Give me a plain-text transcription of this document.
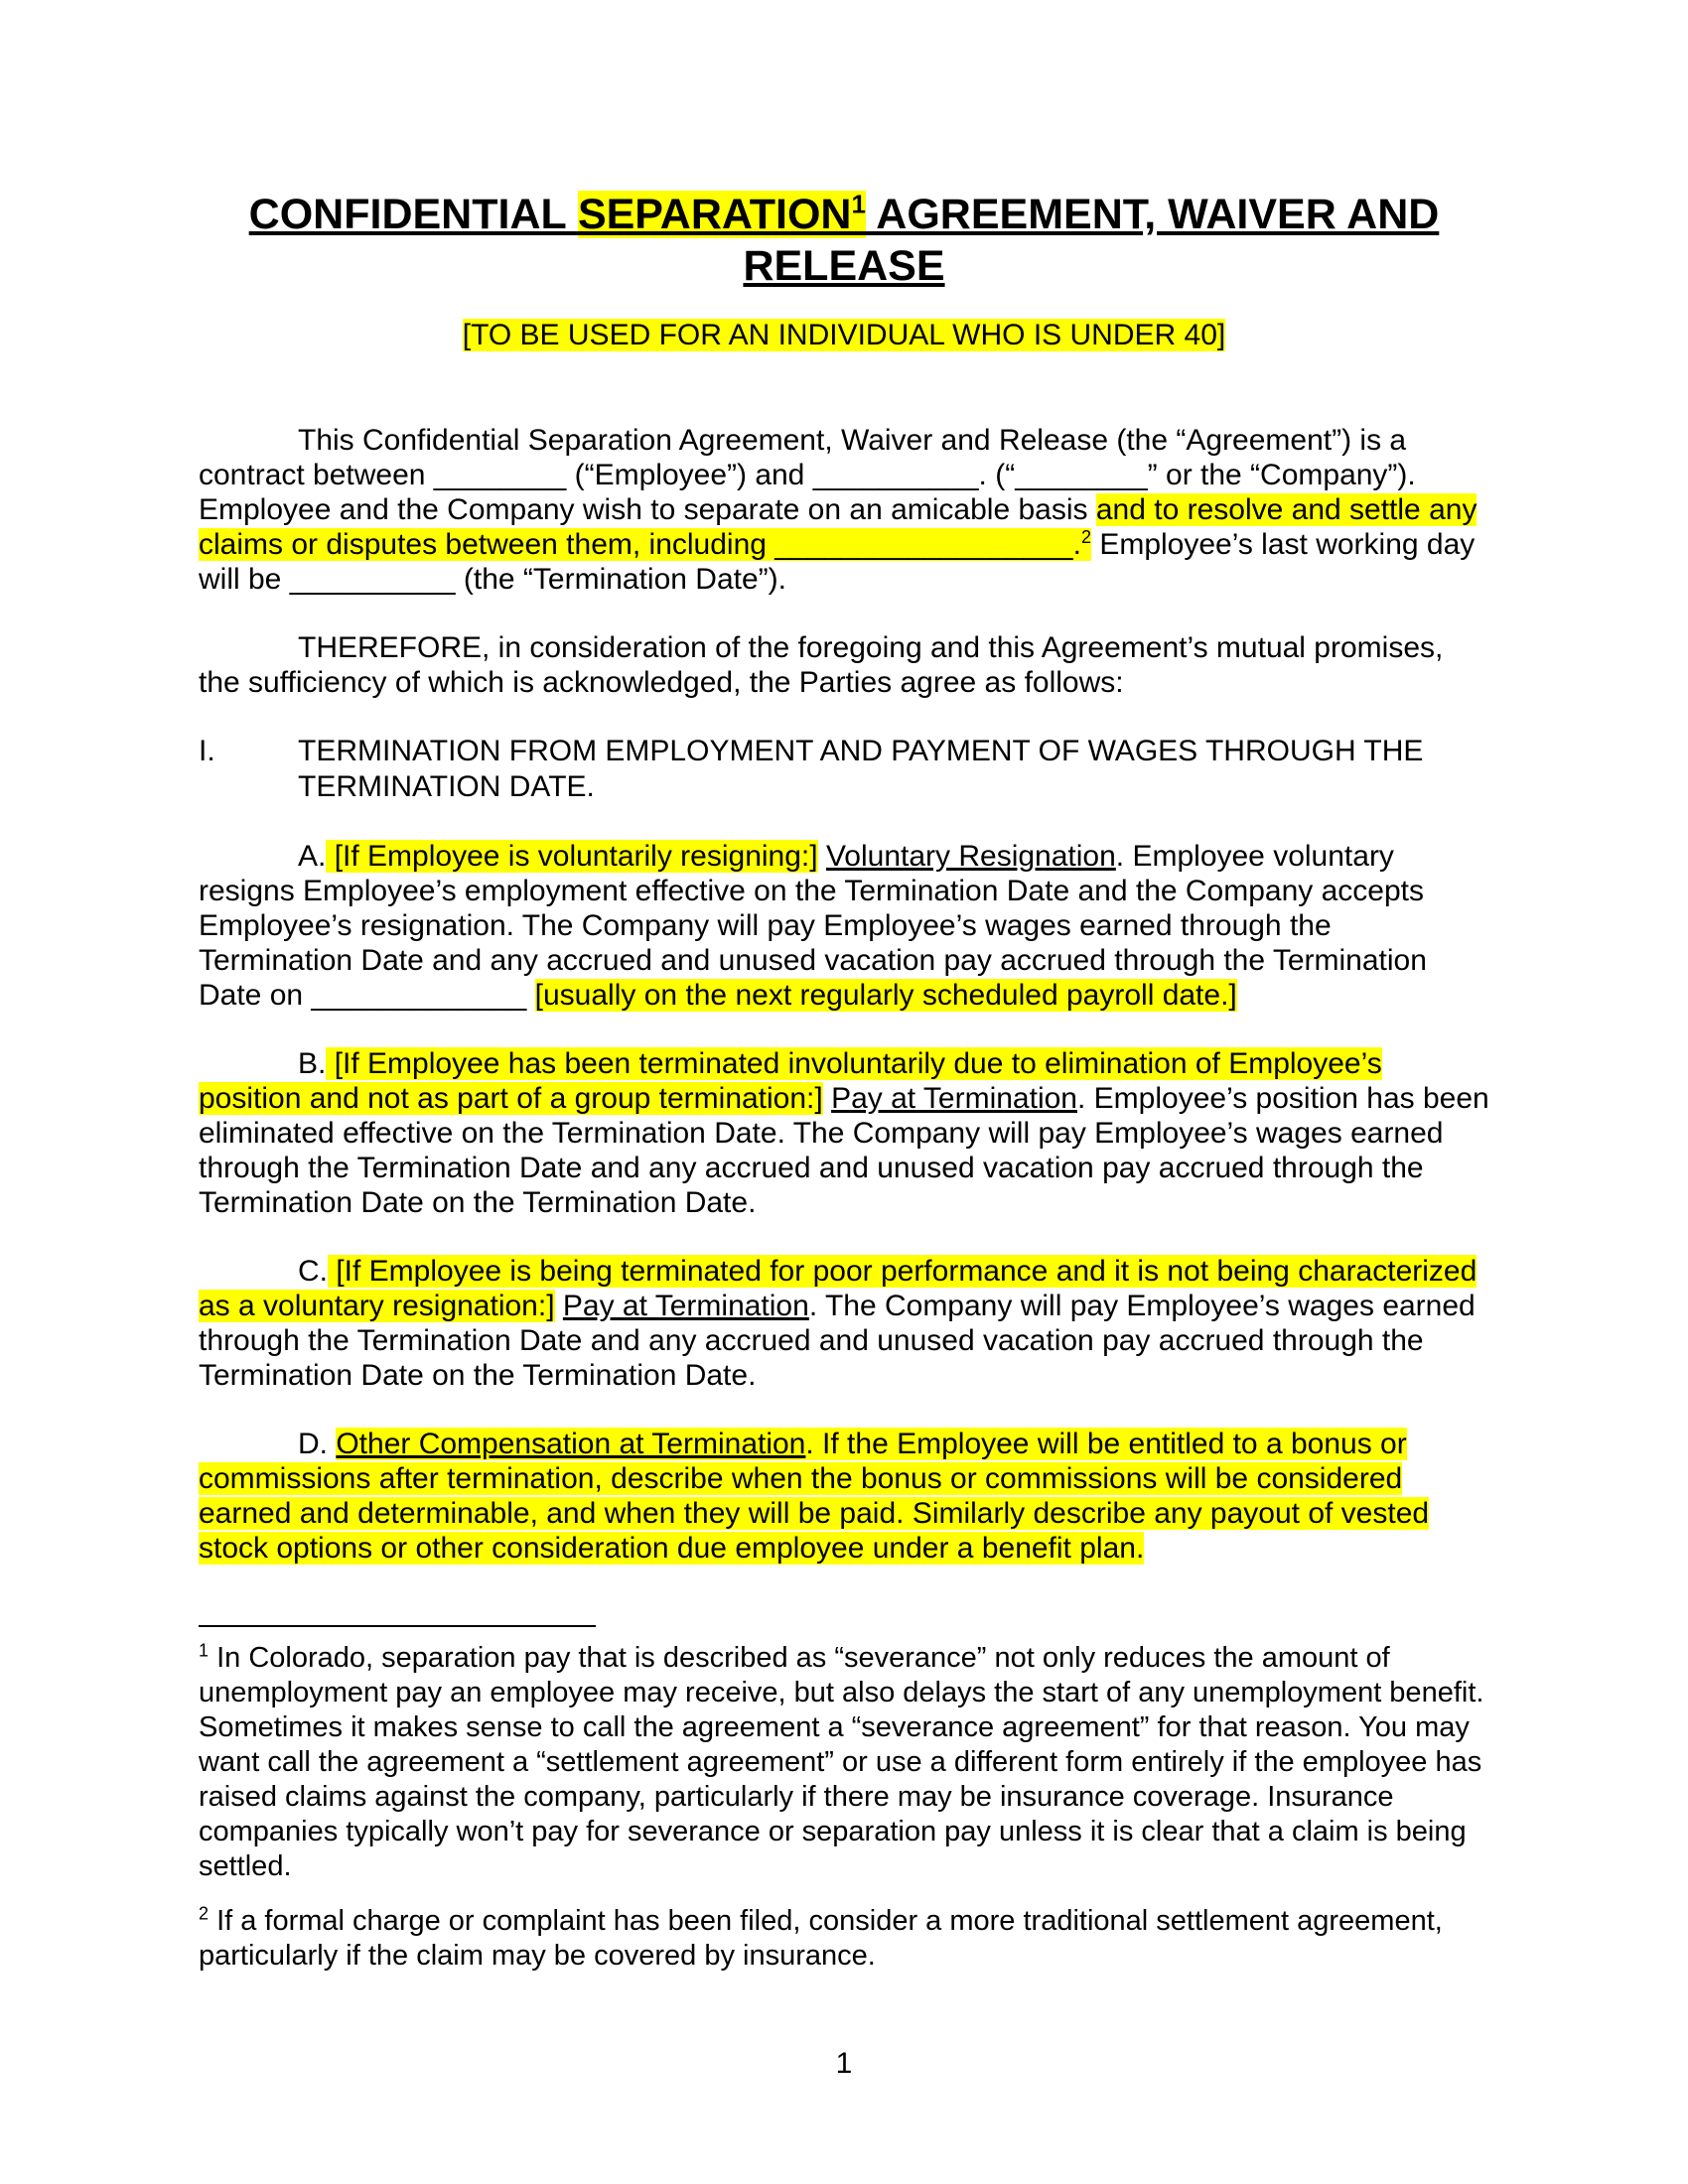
CONFIDENTIAL SEPARATION$^1$ AGREEMENT, WAIVER AND RELEASE

[TO BE USED FOR AN INDIVIDUAL WHO IS UNDER 40]

This Confidential Separation Agreement, Waiver and Release (the “Agreement”) is a contract between ________ (“Employee”) and __________. (“________” or the “Company”). Employee and the Company wish to separate on an amicable basis and to resolve and settle any claims or disputes between them, including __________________.$^2$ Employee’s last working day will be __________ (the “Termination Date”).

THEREFORE, in consideration of the foregoing and this Agreement’s mutual promises, the sufficiency of which is acknowledged, the Parties agree as follows:

I.	TERMINATION FROM EMPLOYMENT AND PAYMENT OF WAGES THROUGH THE TERMINATION DATE.

A. [If Employee is voluntarily resigning:] Voluntary Resignation. Employee voluntary resigns Employee’s employment effective on the Termination Date and the Company accepts Employee’s resignation. The Company will pay Employee’s wages earned through the Termination Date and any accrued and unused vacation pay accrued through the Termination Date on _____________ [usually on the next regularly scheduled payroll date.]

B. [If Employee has been terminated involuntarily due to elimination of Employee’s position and not as part of a group termination:] Pay at Termination. Employee’s position has been eliminated effective on the Termination Date. The Company will pay Employee’s wages earned through the Termination Date and any accrued and unused vacation pay accrued through the Termination Date on the Termination Date.

C. [If Employee is being terminated for poor performance and it is not being characterized as a voluntary resignation:] Pay at Termination. The Company will pay Employee’s wages earned through the Termination Date and any accrued and unused vacation pay accrued through the Termination Date on the Termination Date.

D. Other Compensation at Termination. If the Employee will be entitled to a bonus or commissions after termination, describe when the bonus or commissions will be considered earned and determinable, and when they will be paid. Similarly describe any payout of vested stock options or other consideration due employee under a benefit plan.

$^1$ In Colorado, separation pay that is described as “severance” not only reduces the amount of unemployment pay an employee may receive, but also delays the start of any unemployment benefit. Sometimes it makes sense to call the agreement a “severance agreement” for that reason. You may want call the agreement a “settlement agreement” or use a different form entirely if the employee has raised claims against the company, particularly if there may be insurance coverage. Insurance companies typically won’t pay for severance or separation pay unless it is clear that a claim is being settled.

$^2$ If a formal charge or complaint has been filed, consider a more traditional settlement agreement, particularly if the claim may be covered by insurance.

1
